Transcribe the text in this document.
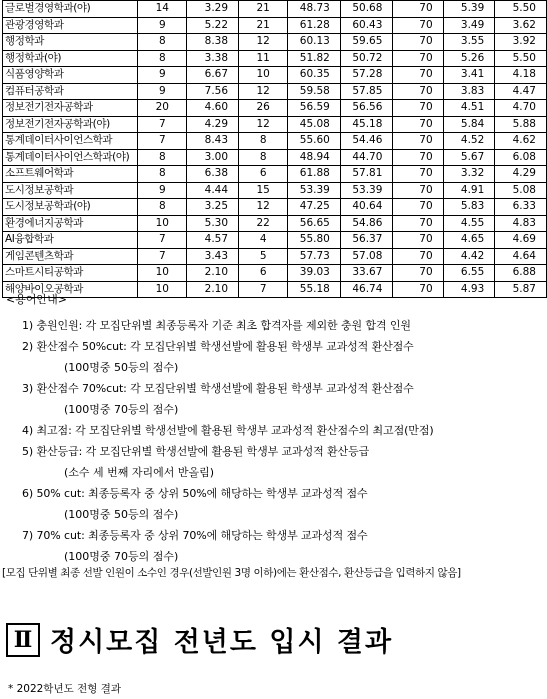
글로벌경영학과(야)	14	3.29	21	48.73	50.68	70	5.39	5.50
관광경영학과	9	5.22	21	61.28	60.43	70	3.49	3.62
행정학과	8	8.38	12	60.13	59.65	70	3.55	3.92
행정학과(야)	8	3.38	11	51.82	50.72	70	5.26	5.50
식품영양학과	9	6.67	10	60.35	57.28	70	3.41	4.18
컴퓨터공학과	9	7.56	12	59.58	57.85	70	3.83	4.47
정보전기전자공학과	20	4.60	26	56.59	56.56	70	4.51	4.70
정보전기전자공학과(야)	7	4.29	12	45.08	45.18	70	5.84	5.88
통계데이터사이언스학과	7	8.43	8	55.60	54.46	70	4.52	4.62
통계데이터사이언스학과(야)	8	3.00	8	48.94	44.70	70	5.67	6.08
소프트웨어학과	8	6.38	6	61.88	57.81	70	3.32	4.29
도시정보공학과	9	4.44	15	53.39	53.39	70	4.91	5.08
도시정보공학과(야)	8	3.25	12	47.25	40.64	70	5.83	6.33
환경에너지공학과	10	5.30	22	56.65	54.86	70	4.55	4.83
AI융합학과	7	4.57	4	55.80	56.37	70	4.65	4.69
게임콘텐츠학과	7	3.43	5	57.73	57.08	70	4.42	4.64
스마트시티공학과	10	2.10	6	39.03	33.67	70	6.55	6.88
해양바이오공학과	10	2.10	7	55.18	46.74	70	4.93	5.87
<용어안내>
1) 충원인원: 각 모집단위별 최종등록자 기준 최초 합격자를 제외한 충원 합격 인원
2) 환산점수 50%cut: 각 모집단위별 학생선발에 활용된 학생부 교과성적 환산점수
(100명중 50등의 점수)
3) 환산점수 70%cut: 각 모집단위별 학생선발에 활용된 학생부 교과성적 환산점수
(100명중 70등의 점수)
4) 최고점: 각 모집단위별 학생선발에 활용된 학생부 교과성적 환산점수의 최고점(만점)
5) 환산등급: 각 모집단위별 학생선발에 활용된 학생부 교과성적 환산등급
(소수 세 번째 자리에서 반올림)
6) 50% cut: 최종등록자 중 상위 50%에 해당하는 학생부 교과성적 점수
(100명중 50등의 점수)
7) 70% cut: 최종등록자 중 상위 70%에 해당하는 학생부 교과성적 점수
(100명중 70등의 점수)
[모집 단위별 최종 선발 인원이 소수인 경우(선발인원 3명 이하)에는 환산점수, 환산등급을 입력하지 않음]
Ⅱ 정시모집 전년도 입시 결과
* 2022학년도 전형 결과
